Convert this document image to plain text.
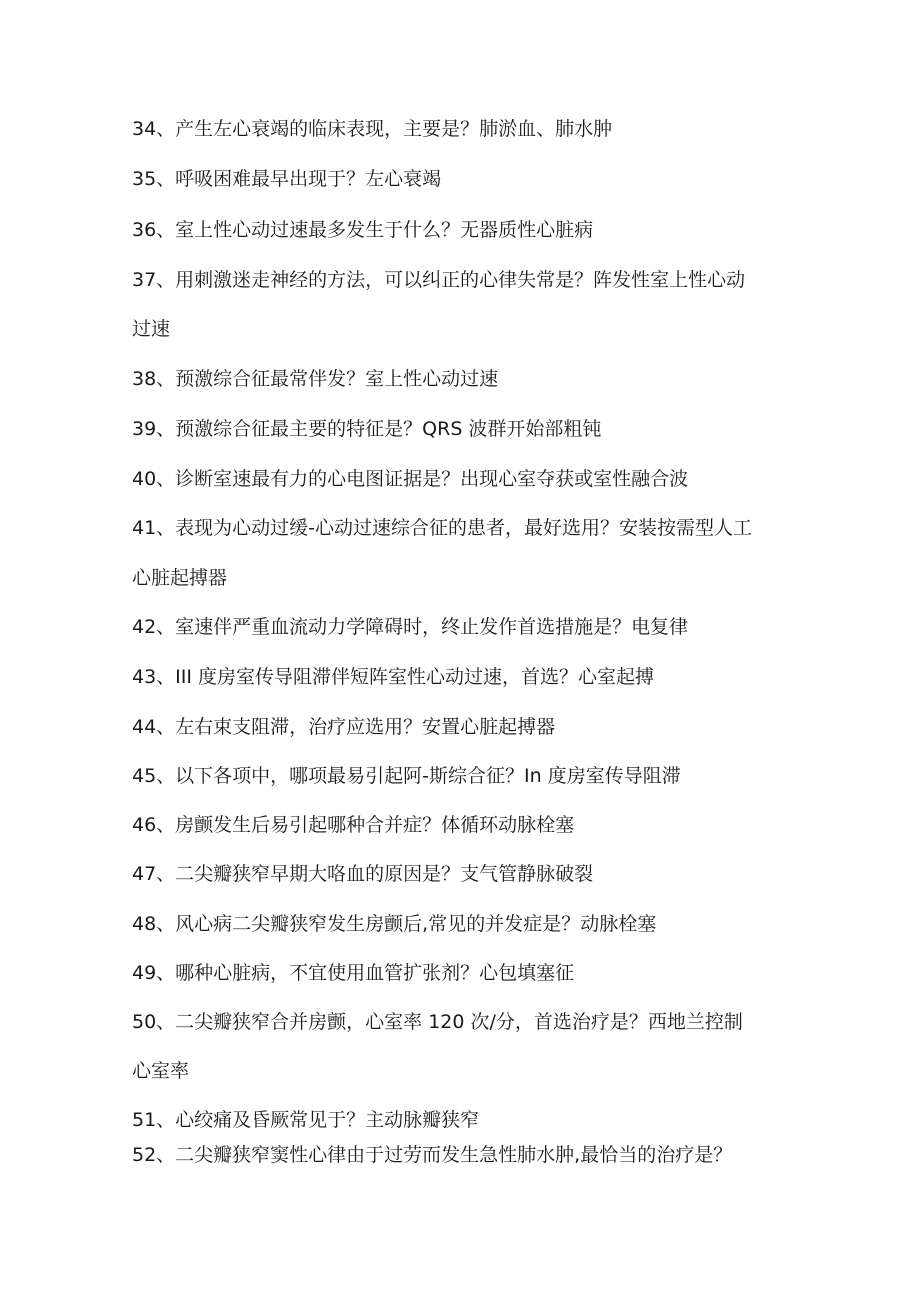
34、产生左心衰竭的临床表现，主要是？肺淤血、肺水肿
35、呼吸困难最早出现于？左心衰竭
36、室上性心动过速最多发生于什么？无器质性心脏病
37、用刺激迷走神经的方法，可以纠正的心律失常是？阵发性室上性心动
过速
38、预激综合征最常伴发？室上性心动过速
39、预激综合征最主要的特征是？QRS 波群开始部粗钝
40、诊断室速最有力的心电图证据是？出现心室夺获或室性融合波
41、表现为心动过缓-心动过速综合征的患者，最好选用？安装按需型人工
心脏起搏器
42、室速伴严重血流动力学障碍时，终止发作首选措施是？电复律
43、III 度房室传导阻滞伴短阵室性心动过速，首选？心室起搏
44、左右束支阻滞，治疗应选用？安置心脏起搏器
45、以下各项中，哪项最易引起阿-斯综合征？In 度房室传导阻滞
46、房颤发生后易引起哪种合并症？体循环动脉栓塞
47、二尖瓣狭窄早期大咯血的原因是？支气管静脉破裂
48、风心病二尖瓣狭窄发生房颤后,常见的并发症是？动脉栓塞
49、哪种心脏病，不宜使用血管扩张剂？心包填塞征
50、二尖瓣狭窄合并房颤，心室率 120 次/分，首选治疗是？西地兰控制
心室率
51、心绞痛及昏厥常见于？主动脉瓣狭窄
52、二尖瓣狭窄窦性心律由于过劳而发生急性肺水肿,最恰当的治疗是？
